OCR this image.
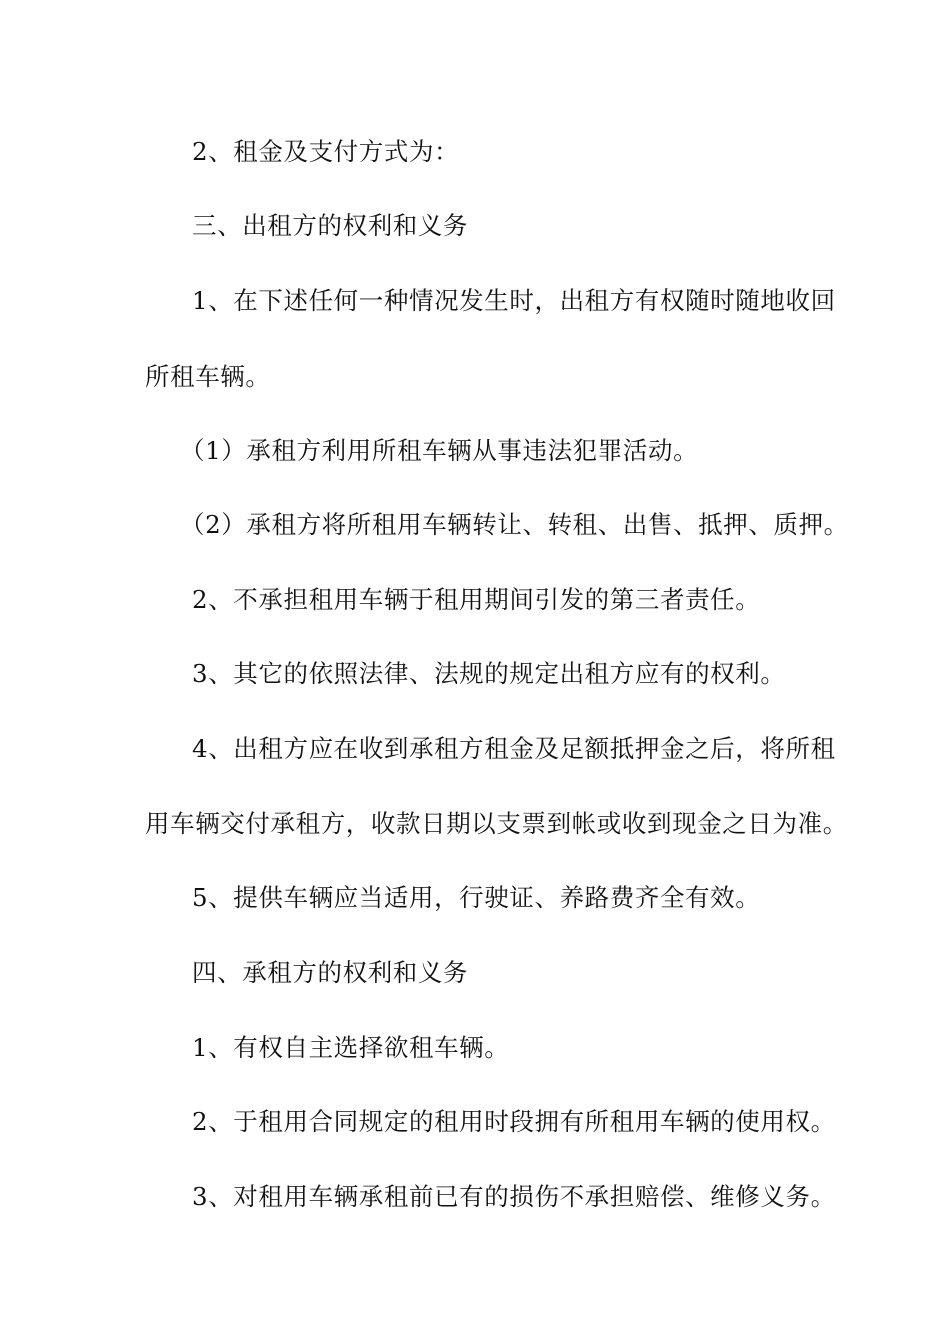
2、租金及支付方式为：
三、出租方的权利和义务
1、在下述任何一种情况发生时，出租方有权随时随地收回
所租车辆。
（1）承租方利用所租车辆从事违法犯罪活动。
（2）承租方将所租用车辆转让、转租、出售、抵押、质押。
2、不承担租用车辆于租用期间引发的第三者责任。
3、其它的依照法律、法规的规定出租方应有的权利。
4、出租方应在收到承租方租金及足额抵押金之后，将所租
用车辆交付承租方，收款日期以支票到帐或收到现金之日为准。
5、提供车辆应当适用，行驶证、养路费齐全有效。
四、承租方的权利和义务
1、有权自主选择欲租车辆。
2、于租用合同规定的租用时段拥有所租用车辆的使用权。
3、对租用车辆承租前已有的损伤不承担赔偿、维修义务。
